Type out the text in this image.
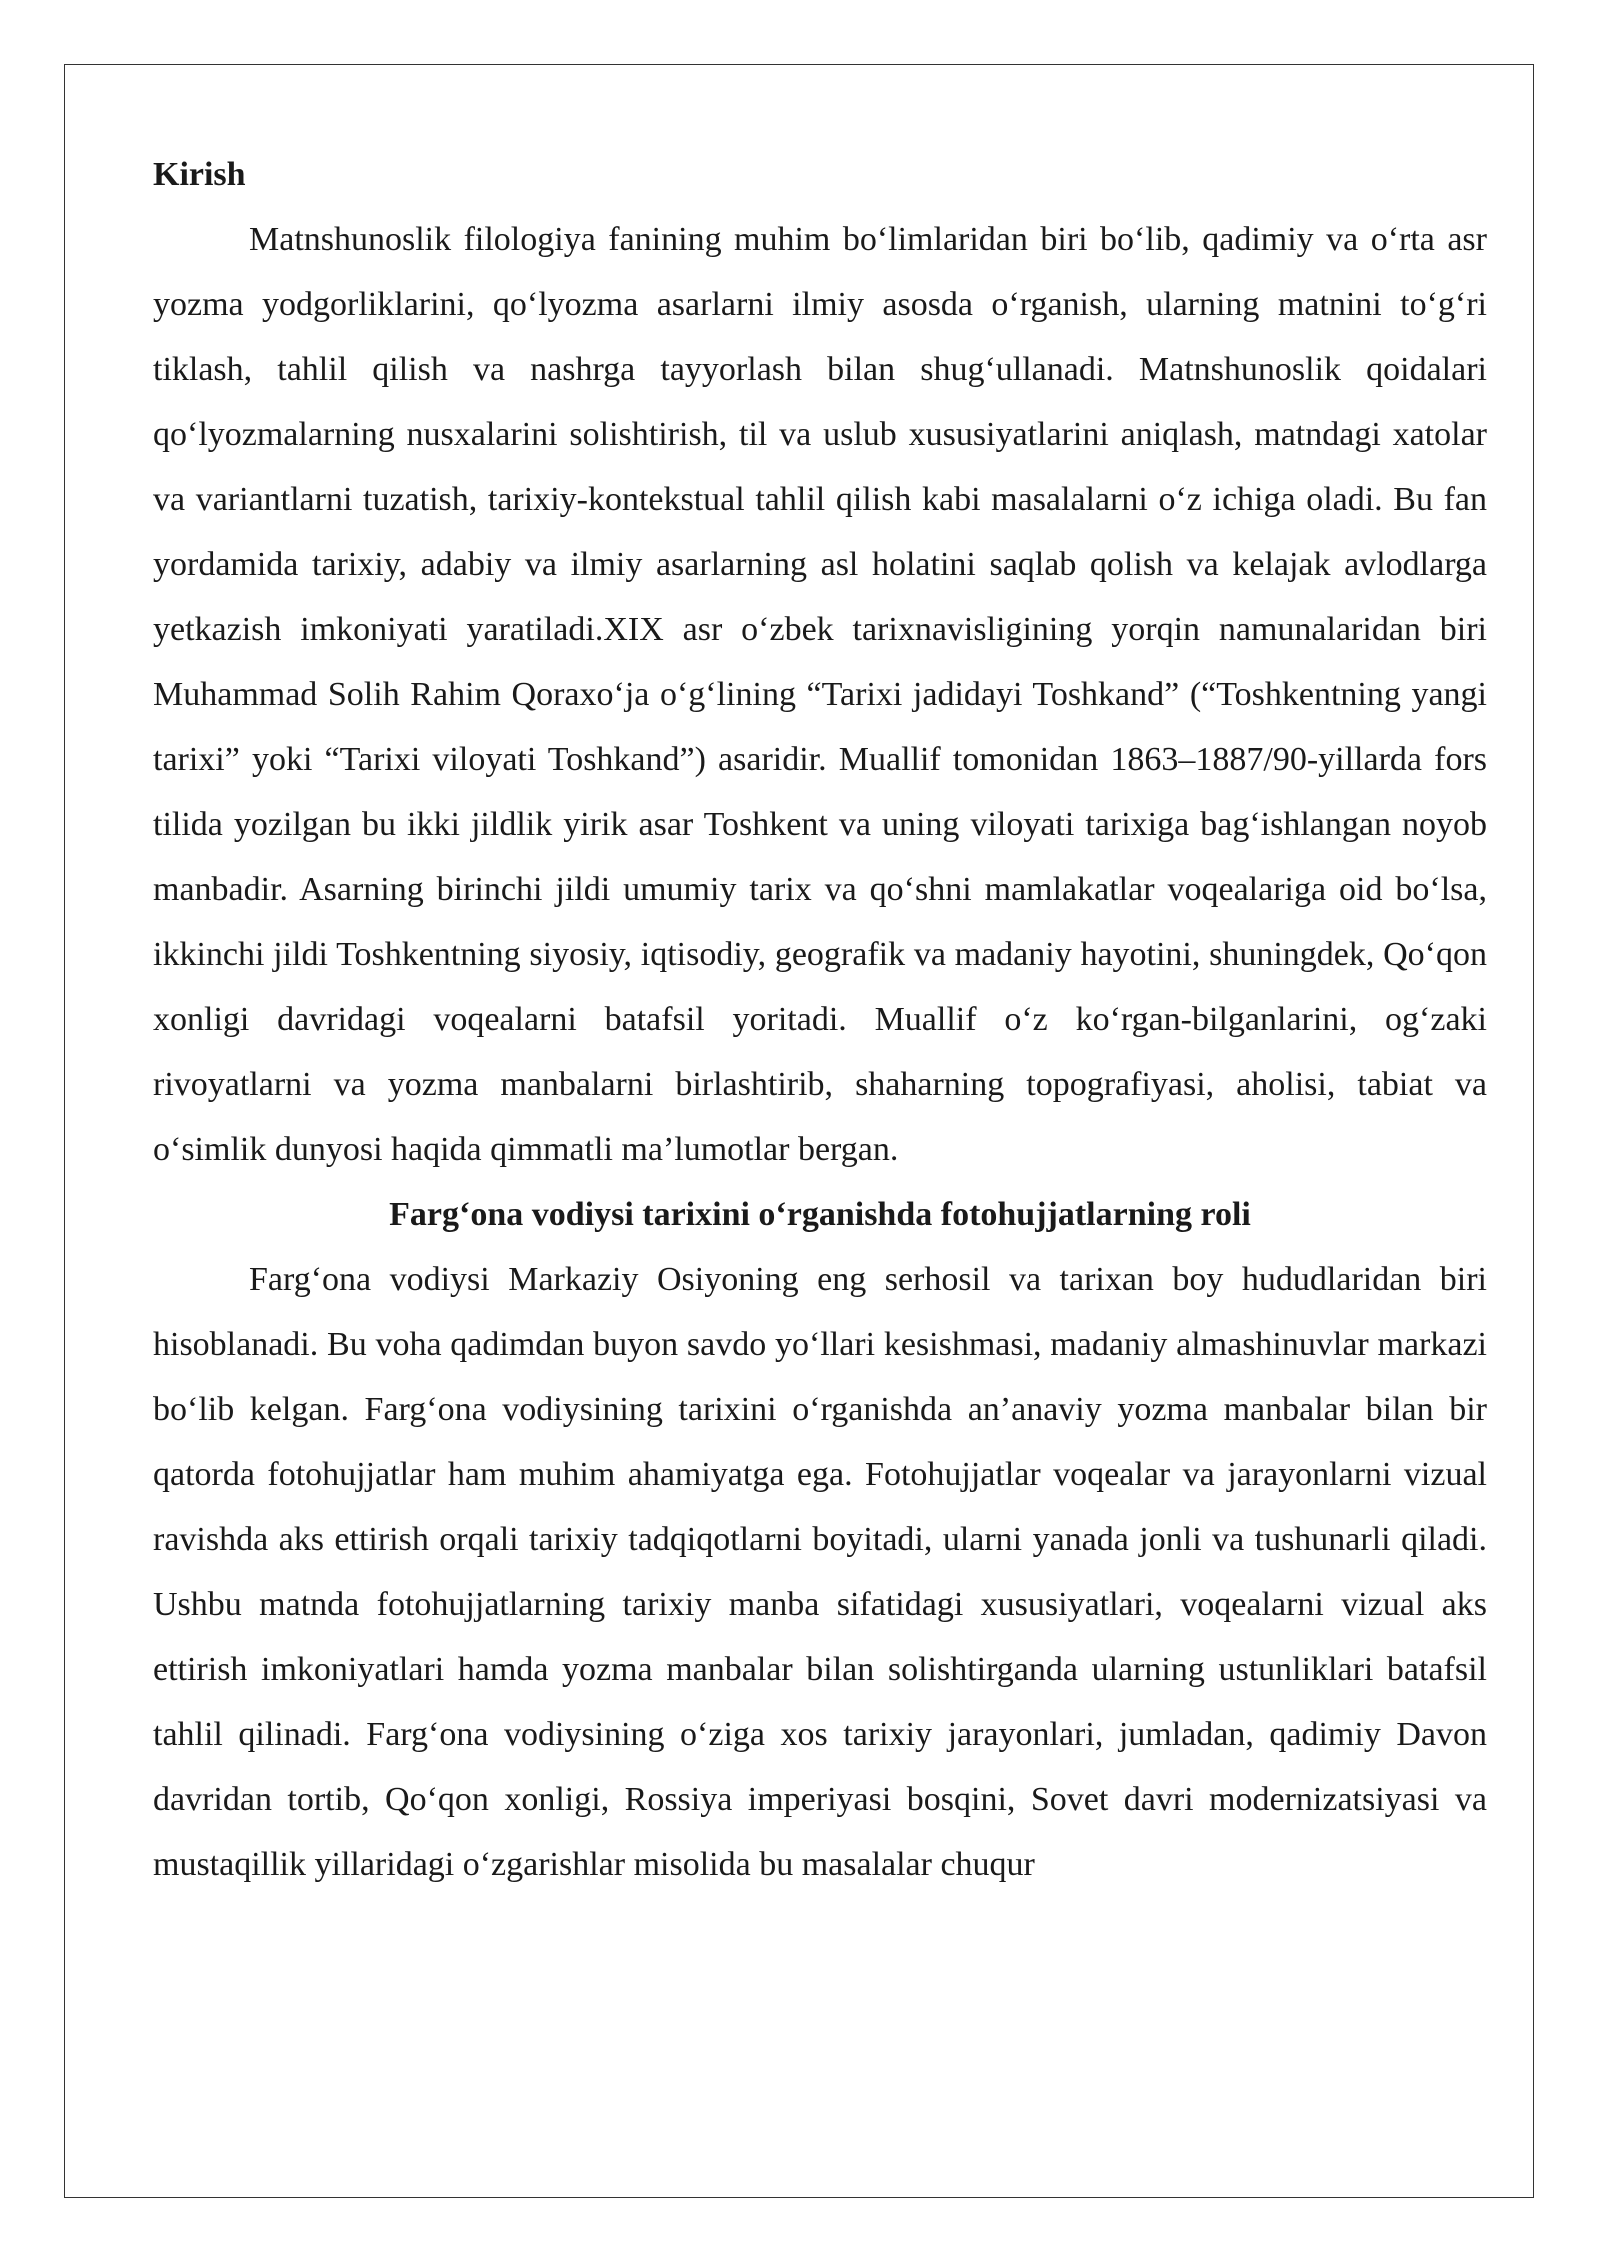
Kirish

Matnshunoslik filologiya fanining muhim bo‘limlaridan biri bo‘lib, qadimiy va o‘rta asr yozma yodgorliklarini, qo‘lyozma asarlarni ilmiy asosda o‘rganish, ularning matnini to‘g‘ri tiklash, tahlil qilish va nashrga tayyorlash bilan shug‘ullanadi. Matnshunoslik qoidalari qo‘lyozmalarning nusxalarini solishtirish, til va uslub xususiyatlarini aniqlash, matndagi xatolar va variantlarni tuzatish, tarixiy-kontekstual tahlil qilish kabi masalalarni o‘z ichiga oladi. Bu fan yordamida tarixiy, adabiy va ilmiy asarlarning asl holatini saqlab qolish va kelajak avlodlarga yetkazish imkoniyati yaratiladi.XIX asr o‘zbek tarixnavisligining yorqin namunalaridan biri Muhammad Solih Rahim Qoraxo‘ja o‘g‘lining “Tarixi jadidayi Toshkand” (“Toshkentning yangi tarixi” yoki “Tarixi viloyati Toshkand”) asaridir. Muallif tomonidan 1863–1887/90-yillarda fors tilida yozilgan bu ikki jildlik yirik asar Toshkent va uning viloyati tarixiga bag‘ishlangan noyob manbadir. Asarning birinchi jildi umumiy tarix va qo‘shni mamlakatlar voqealariga oid bo‘lsa, ikkinchi jildi Toshkentning siyosiy, iqtisodiy, geografik va madaniy hayotini, shuningdek, Qo‘qon xonligi davridagi voqealarni batafsil yoritadi. Muallif o‘z ko‘rgan-bilganlarini, og‘zaki rivoyatlarni va yozma manbalarni birlashtirib, shaharning topografiyasi, aholisi, tabiat va o‘simlik dunyosi haqida qimmatli ma’lumotlar bergan.

Farg‘ona vodiysi tarixini o‘rganishda fotohujjatlarning roli

Farg‘ona vodiysi Markaziy Osiyoning eng serhosil va tarixan boy hududlaridan biri hisoblanadi. Bu voha qadimdan buyon savdo yo‘llari kesishmasi, madaniy almashinuvlar markazi bo‘lib kelgan. Farg‘ona vodiysining tarixini o‘rganishda an’anaviy yozma manbalar bilan bir qatorda fotohujjatlar ham muhim ahamiyatga ega. Fotohujjatlar voqealar va jarayonlarni vizual ravishda aks ettirish orqali tarixiy tadqiqotlarni boyitadi, ularni yanada jonli va tushunarli qiladi. Ushbu matnda fotohujjatlarning tarixiy manba sifatidagi xususiyatlari, voqealarni vizual aks ettirish imkoniyatlari hamda yozma manbalar bilan solishtirganda ularning ustunliklari batafsil tahlil qilinadi. Farg‘ona vodiysining o‘ziga xos tarixiy jarayonlari, jumladan, qadimiy Davon davridan tortib, Qo‘qon xonligi, Rossiya imperiyasi bosqini, Sovet davri modernizatsiyasi va mustaqillik yillaridagi o‘zgarishlar misolida bu masalalar chuqur
